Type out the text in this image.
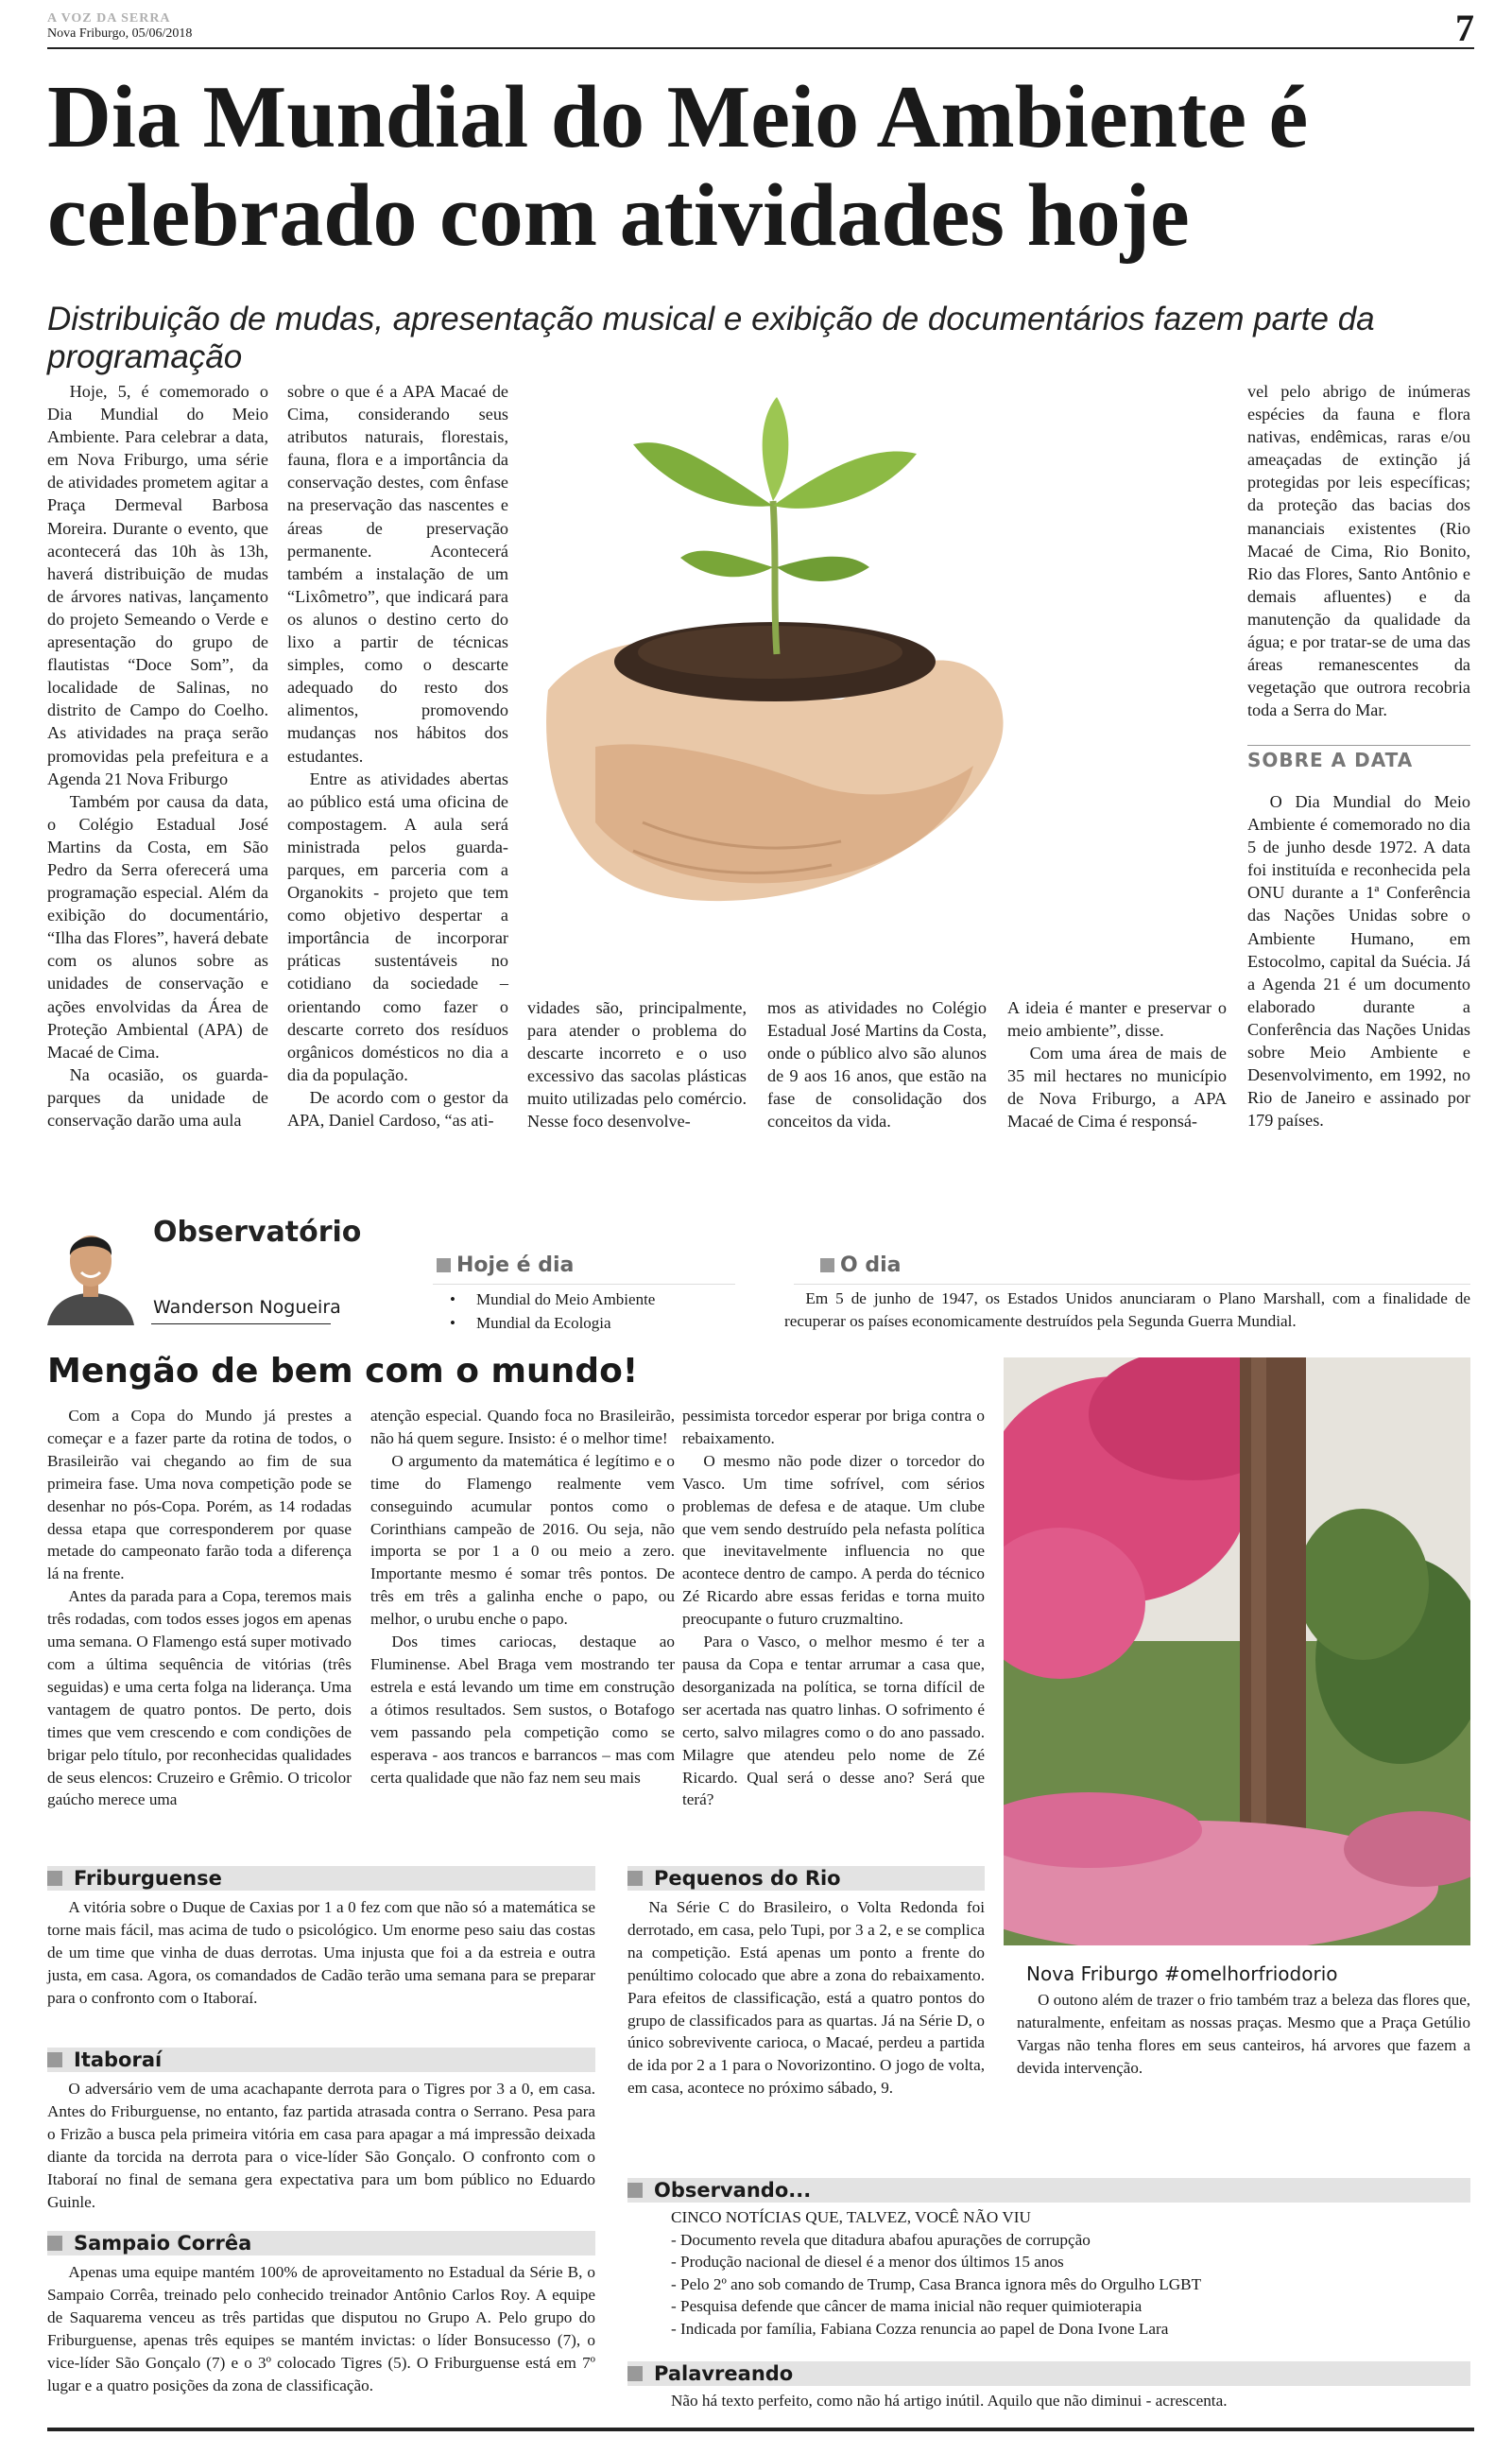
A VOZ DA SERRA
Nova Friburgo, 05/06/2018	7
Dia Mundial do Meio Ambiente é celebrado com atividades hoje
Distribuição de mudas, apresentação musical e exibição de documentários fazem parte da programação

Hoje, 5, é comemorado o Dia Mundial do Meio Ambiente. Para celebrar a data, em Nova Friburgo, uma série de atividades prometem agitar a Praça Dermeval Barbosa Moreira. Durante o evento, que acontecerá das 10h às 13h, haverá distribuição de mudas de árvores nativas, lançamento do projeto Semeando o Verde e apresentação do grupo de flautistas “Doce Som”, da localidade de Salinas, no distrito de Campo do Coelho. As atividades na praça serão promovidas pela prefeitura e a Agenda 21 Nova Friburgo

Também por causa da data, o Colégio Estadual José Martins da Costa, em São Pedro da Serra oferecerá uma programação especial. Além da exibição do documentário, “Ilha das Flores”, haverá debate com os alunos sobre as unidades de conservação e ações envolvidas da Área de Proteção Ambiental (APA) de Macaé de Cima.

Na ocasião, os guarda-parques da unidade de conservação darão uma aula

sobre o que é a APA Macaé de Cima, considerando seus atributos naturais, florestais, fauna, flora e a importância da conservação destes, com ênfase na preservação das nascentes e áreas de preservação permanente. Acontecerá também a instalação de um “Lixômetro”, que indicará para os alunos o destino certo do lixo a partir de técnicas simples, como o descarte adequado do resto dos alimentos, promovendo mudanças nos hábitos dos estudantes.

Entre as atividades abertas ao público está uma oficina de compostagem. A aula será ministrada pelos guarda-parques, em parceria com a Organokits - projeto que tem como objetivo despertar a importância de incorporar práticas sustentáveis no cotidiano da sociedade – orientando como fazer o descarte correto dos resíduos orgânicos domésticos no dia a dia da população.

De acordo com o gestor da APA, Daniel Cardoso, “as ati-

vidades são, principalmente, para atender o problema do descarte incorreto e o uso excessivo das sacolas plásticas muito utilizadas pelo comércio. Nesse foco desenvolve-
mos as atividades no Colégio Estadual José Martins da Costa, onde o público alvo são alunos de 9 aos 16 anos, que estão na fase de consolidação dos conceitos da vida.

A ideia é manter e preservar o meio ambiente”, disse.

Com uma área de mais de 35 mil hectares no município de Nova Friburgo, a APA Macaé de Cima é responsá-

vel pelo abrigo de inúmeras espécies da fauna e flora nativas, endêmicas, raras e/ou ameaçadas de extinção já protegidas por leis específicas; da proteção das bacias dos mananciais existentes (Rio Macaé de Cima, Rio Bonito, Rio das Flores, Santo Antônio e demais afluentes) e da manutenção da qualidade da água; e por tratar-se de uma das áreas remanescentes da vegetação que outrora recobria toda a Serra do Mar.

SOBRE A DATA

O Dia Mundial do Meio Ambiente é comemorado no dia 5 de junho desde 1972. A data foi instituída e reconhecida pela ONU durante a 1ª Conferência das Nações Unidas sobre o Ambiente Humano, em Estocolmo, capital da Suécia. Já a Agenda 21 é um documento elaborado durante a Conferência das Nações Unidas sobre Meio Ambiente e Desenvolvimento, em 1992, no Rio de Janeiro e assinado por 179 países.

Observatório
Wanderson Nogueira
Hoje é dia
• Mundial do Meio Ambiente
• Mundial da Ecologia
O dia
Em 5 de junho de 1947, os Estados Unidos anunciaram o Plano Marshall, com a finalidade de recuperar os países economicamente destruídos pela Segunda Guerra Mundial.
Mengão de bem com o mundo!

Com a Copa do Mundo já prestes a começar e a fazer parte da rotina de todos, o Brasileirão vai chegando ao fim de sua primeira fase. Uma nova competição pode se desenhar no pós-Copa. Porém, as 14 rodadas dessa etapa que corresponderem por quase metade do campeonato farão toda a diferença lá na frente.

Antes da parada para a Copa, teremos mais três rodadas, com todos esses jogos em apenas uma semana. O Flamengo está super motivado com a última sequência de vitórias (três seguidas) e uma certa folga na liderança. Uma vantagem de quatro pontos. De perto, dois times que vem crescendo e com condições de brigar pelo título, por reconhecidas qualidades de seus elencos: Cruzeiro e Grêmio. O tricolor gaúcho merece uma

atenção especial. Quando foca no Brasileirão, não há quem segure. Insisto: é o melhor time!

O argumento da matemática é legítimo e o time do Flamengo realmente vem conseguindo acumular pontos como o Corinthians campeão de 2016. Ou seja, não importa se por 1 a 0 ou meio a zero. Importante mesmo é somar três pontos. De três em três a galinha enche o papo, ou melhor, o urubu enche o papo.

Dos times cariocas, destaque ao Fluminense. Abel Braga vem mostrando ter estrela e está levando um time em construção a ótimos resultados. Sem sustos, o Botafogo vem passando pela competição como se esperava - aos trancos e barrancos – mas com certa qualidade que não faz nem seu mais

pessimista torcedor esperar por briga contra o rebaixamento.

O mesmo não pode dizer o torcedor do Vasco. Um time sofrível, com sérios problemas de defesa e de ataque. Um clube que vem sendo destruído pela nefasta política que inevitavelmente influencia no que acontece dentro de campo. A perda do técnico Zé Ricardo abre essas feridas e torna muito preocupante o futuro cruzmaltino.

Para o Vasco, o melhor mesmo é ter a pausa da Copa e tentar arrumar a casa que, desorganizada na política, se torna difícil de ser acertada nas quatro linhas. O sofrimento é certo, salvo milagres como o do ano passado. Milagre que atendeu pelo nome de Zé Ricardo. Qual será o desse ano? Será que terá?

Nova Friburgo #omelhorfriodorio
O outono além de trazer o frio também traz a beleza das flores que, naturalmente, enfeitam as nossas praças. Mesmo que a Praça Getúlio Vargas não tenha flores em seus canteiros, há arvores que fazem a devida intervenção.
Friburguense

A vitória sobre o Duque de Caxias por 1 a 0 fez com que não só a matemática se torne mais fácil, mas acima de tudo o psicológico. Um enorme peso saiu das costas de um time que vinha de duas derrotas. Uma injusta que foi a da estreia e outra justa, em casa. Agora, os comandados de Cadão terão uma semana para se preparar para o confronto com o Itaboraí.

Itaboraí

O adversário vem de uma acachapante derrota para o Tigres por 3 a 0, em casa. Antes do Friburguense, no entanto, faz partida atrasada contra o Serrano. Pesa para o Frizão a busca pela primeira vitória em casa para apagar a má impressão deixada diante da torcida na derrota para o vice-líder São Gonçalo. O confronto com o Itaboraí no final de semana gera expectativa para um bom público no Eduardo Guinle.

Sampaio Corrêa

Apenas uma equipe mantém 100% de aproveitamento no Estadual da Série B, o Sampaio Corrêa, treinado pelo conhecido treinador Antônio Carlos Roy. A equipe de Saquarema venceu as três partidas que disputou no Grupo A. Pelo grupo do Friburguense, apenas três equipes se mantém invictas: o líder Bonsucesso (7), o vice-líder São Gonçalo (7) e o 3º colocado Tigres (5). O Friburguense está em 7º lugar e a quatro posições da zona de classificação.

Pequenos do Rio

Na Série C do Brasileiro, o Volta Redonda foi derrotado, em casa, pelo Tupi, por 3 a 2, e se complica na competição. Está apenas um ponto a frente do penúltimo colocado que abre a zona do rebaixamento. Para efeitos de classificação, está a quatro pontos do grupo de classificados para as quartas. Já na Série D, o único sobrevivente carioca, o Macaé, perdeu a partida de ida por 2 a 1 para o Novorizontino. O jogo de volta, em casa, acontece no próximo sábado, 9.

Observando...
CINCO NOTÍCIAS QUE, TALVEZ, VOCÊ NÃO VIU
- Documento revela que ditadura abafou apurações de corrupção
- Produção nacional de diesel é a menor dos últimos 15 anos
- Pelo 2º ano sob comando de Trump, Casa Branca ignora mês do Orgulho LGBT
- Pesquisa defende que câncer de mama inicial não requer quimioterapia
- Indicada por família, Fabiana Cozza renuncia ao papel de Dona Ivone Lara
Palavreando
Não há texto perfeito, como não há artigo inútil. Aquilo que não diminui - acrescenta.
